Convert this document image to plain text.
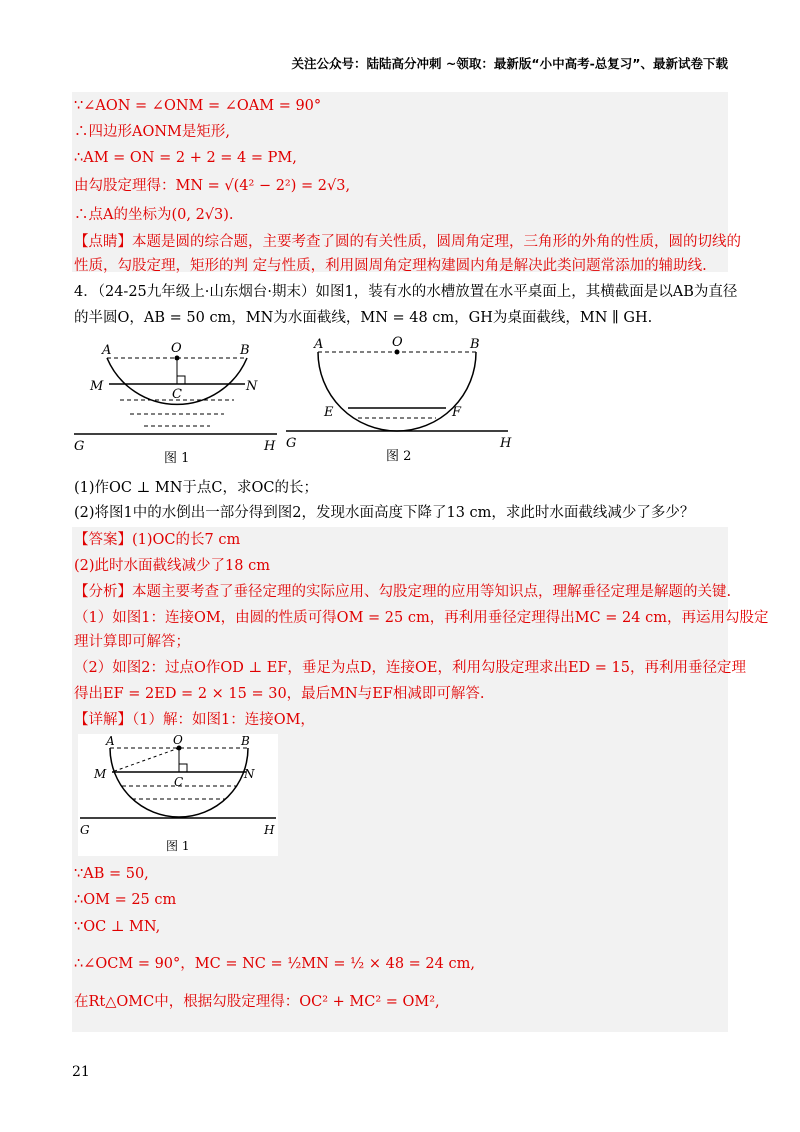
关注公众号：陆陆高分冲刺 ~领取：最新版“小中高考-总复习”、最新试卷下载
∵∠AON = ∠ONM = ∠OAM = 90°
∴四边形AONM是矩形,
∴AM = ON = 2 + 2 = 4 = PM,
由勾股定理得：MN = √(4² − 2²) = 2√3,
∴点A的坐标为(0, 2√3).
【点睛】本题是圆的综合题，主要考查了圆的有关性质，圆周角定理，三角形的外角的性质，圆的切线的
性质，勾股定理，矩形的判 定与性质，利用圆周角定理构建圆内角是解决此类问题常添加的辅助线.
4．（24-25九年级上·山东烟台·期末）如图1，装有水的水槽放置在水平桌面上，其横截面是以AB为直径
的半圆O，AB = 50 cm，MN为水面截线，MN = 48 cm，GH为桌面截线，MN ∥ GH.
A	O	B
M	N
C
G	H
图 1
A	O	B
E	F
G	H
图 2
(1)作OC ⊥ MN于点C，求OC的长；
(2)将图1中的水倒出一部分得到图2，发现水面高度下降了13 cm，求此时水面截线减少了多少？
【答案】(1)OC的长7 cm
(2)此时水面截线减少了18 cm
【分析】本题主要考查了垂径定理的实际应用、勾股定理的应用等知识点，理解垂径定理是解题的关键.
（1）如图1：连接OM，由圆的性质可得OM = 25 cm，再利用垂径定理得出MC = 24 cm，再运用勾股定
理计算即可解答；
（2）如图2：过点O作OD ⊥ EF，垂足为点D，连接OE，利用勾股定理求出ED = 15，再利用垂径定理
得出EF = 2ED = 2 × 15 = 30，最后MN与EF相减即可解答.
【详解】（1）解：如图1：连接OM，
A	O	B
M	N
C
G	H
图 1
∵AB = 50,
∴OM = 25 cm
∵OC ⊥ MN,
∴∠OCM = 90°，MC = NC = ½MN = ½ × 48 = 24 cm,
在Rt△OMC中，根据勾股定理得：OC² + MC² = OM²,
21
